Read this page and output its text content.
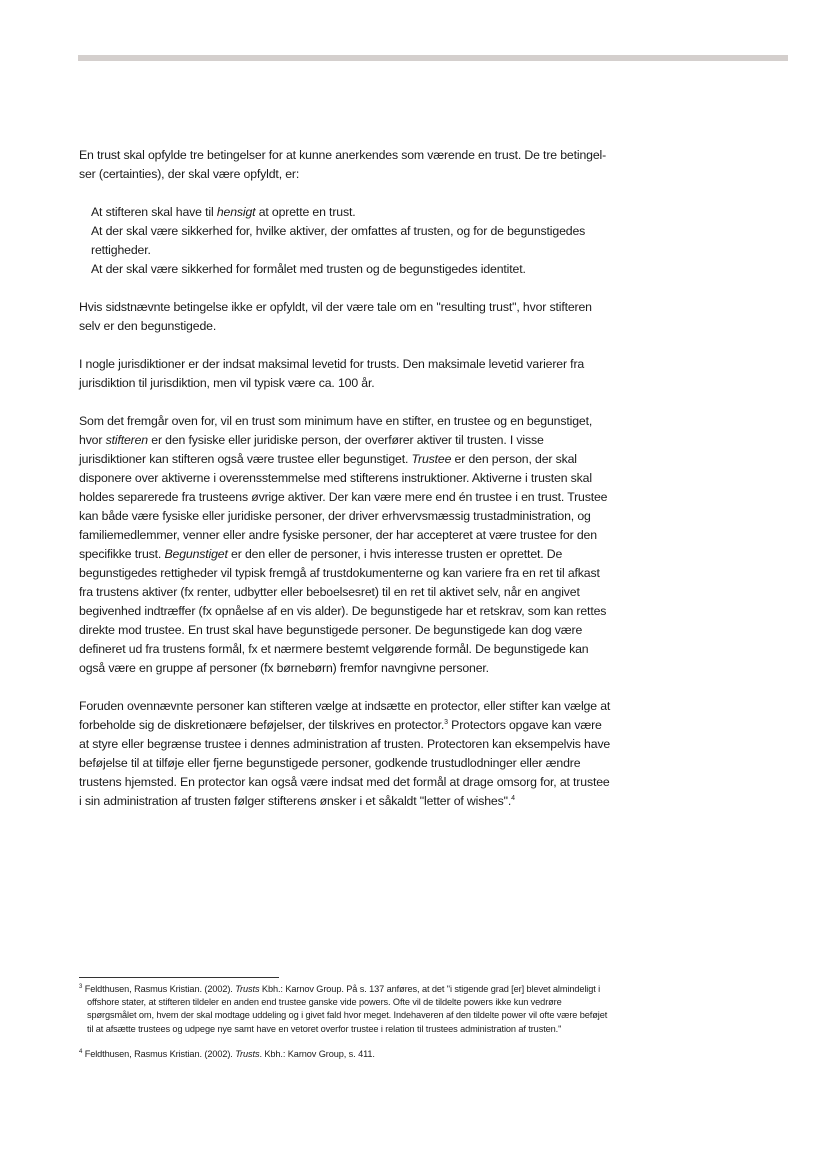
En trust skal opfylde tre betingelser for at kunne anerkendes som værende en trust. De tre betingel-
ser (certainties), der skal være opfyldt, er:

At stifteren skal have til hensigt at oprette en trust.
At der skal være sikkerhed for, hvilke aktiver, der omfattes af trusten, og for de begunstigedes rettigheder.
At der skal være sikkerhed for formålet med trusten og de begunstigedes identitet.

Hvis sidstnævnte betingelse ikke er opfyldt, vil der være tale om en "resulting trust", hvor stifteren selv er den begunstigede.

I nogle jurisdiktioner er der indsat maksimal levetid for trusts. Den maksimale levetid varierer fra jurisdiktion til jurisdiktion, men vil typisk være ca. 100 år.

Som det fremgår oven for, vil en trust som minimum have en stifter, en trustee og en begunstiget, hvor stifteren er den fysiske eller juridiske person, der overfører aktiver til trusten. I visse jurisdiktioner kan stifteren også være trustee eller begunstiget. Trustee er den person, der skal disponere over aktiverne i overensstemmelse med stifterens instruktioner. Aktiverne i trusten skal holdes separerede fra trusteens øvrige aktiver. Der kan være mere end én trustee i en trust. Trustee kan både være fysiske eller juridiske personer, der driver erhvervsmæssig trustadministration, og familiemedlemmer, venner eller andre fysiske personer, der har accepteret at være trustee for den specifikke trust. Begunstiget er den eller de personer, i hvis interesse trusten er oprettet. De begunstigedes rettigheder vil typisk fremgå af trustdokumenterne og kan variere fra en ret til afkast fra trustens aktiver (fx renter, udbytter eller beboelsesret) til en ret til aktivet selv, når en angivet begivenhed indtræffer (fx opnåelse af en vis alder). De begunstigede har et retskrav, som kan rettes direkte mod trustee. En trust skal have begunstigede personer. De begunstigede kan dog være defineret ud fra trustens formål, fx et nærmere bestemt velgørende formål. De begunstigede kan også være en gruppe af personer (fx børnebørn) fremfor navngivne personer.

Foruden ovennævnte personer kan stifteren vælge at indsætte en protector, eller stifter kan vælge at forbeholde sig de diskretionære beføjelser, der tilskrives en protector.$^3$ Protectors opgave kan være at styre eller begrænse trustee i dennes administration af trusten. Protectoren kan eksempelvis have beføjelse til at tilføje eller fjerne begunstigede personer, godkende trustudlodninger eller ændre trustens hjemsted. En protector kan også være indsat med det formål at drage omsorg for, at trustee i sin administration af trusten følger stifterens ønsker i et såkaldt "letter of wishes".$^4$

$^3$ Feldthusen, Rasmus Kristian. (2002). Trusts Kbh.: Karnov Group. På s. 137 anføres, at det "i stigende grad [er] blevet almindeligt i offshore stater, at stifteren tildeler en anden end trustee ganske vide powers. Ofte vil de tildelte powers ikke kun vedrøre spørgsmålet om, hvem der skal modtage uddeling og i givet fald hvor meget. Indehaveren af den tildelte power vil ofte være beføjet til at afsætte trustees og udpege nye samt have en vetoret overfor trustee i relation til trustees administration af trusten."

$^4$ Feldthusen, Rasmus Kristian. (2002). Trusts. Kbh.: Karnov Group, s. 411.
